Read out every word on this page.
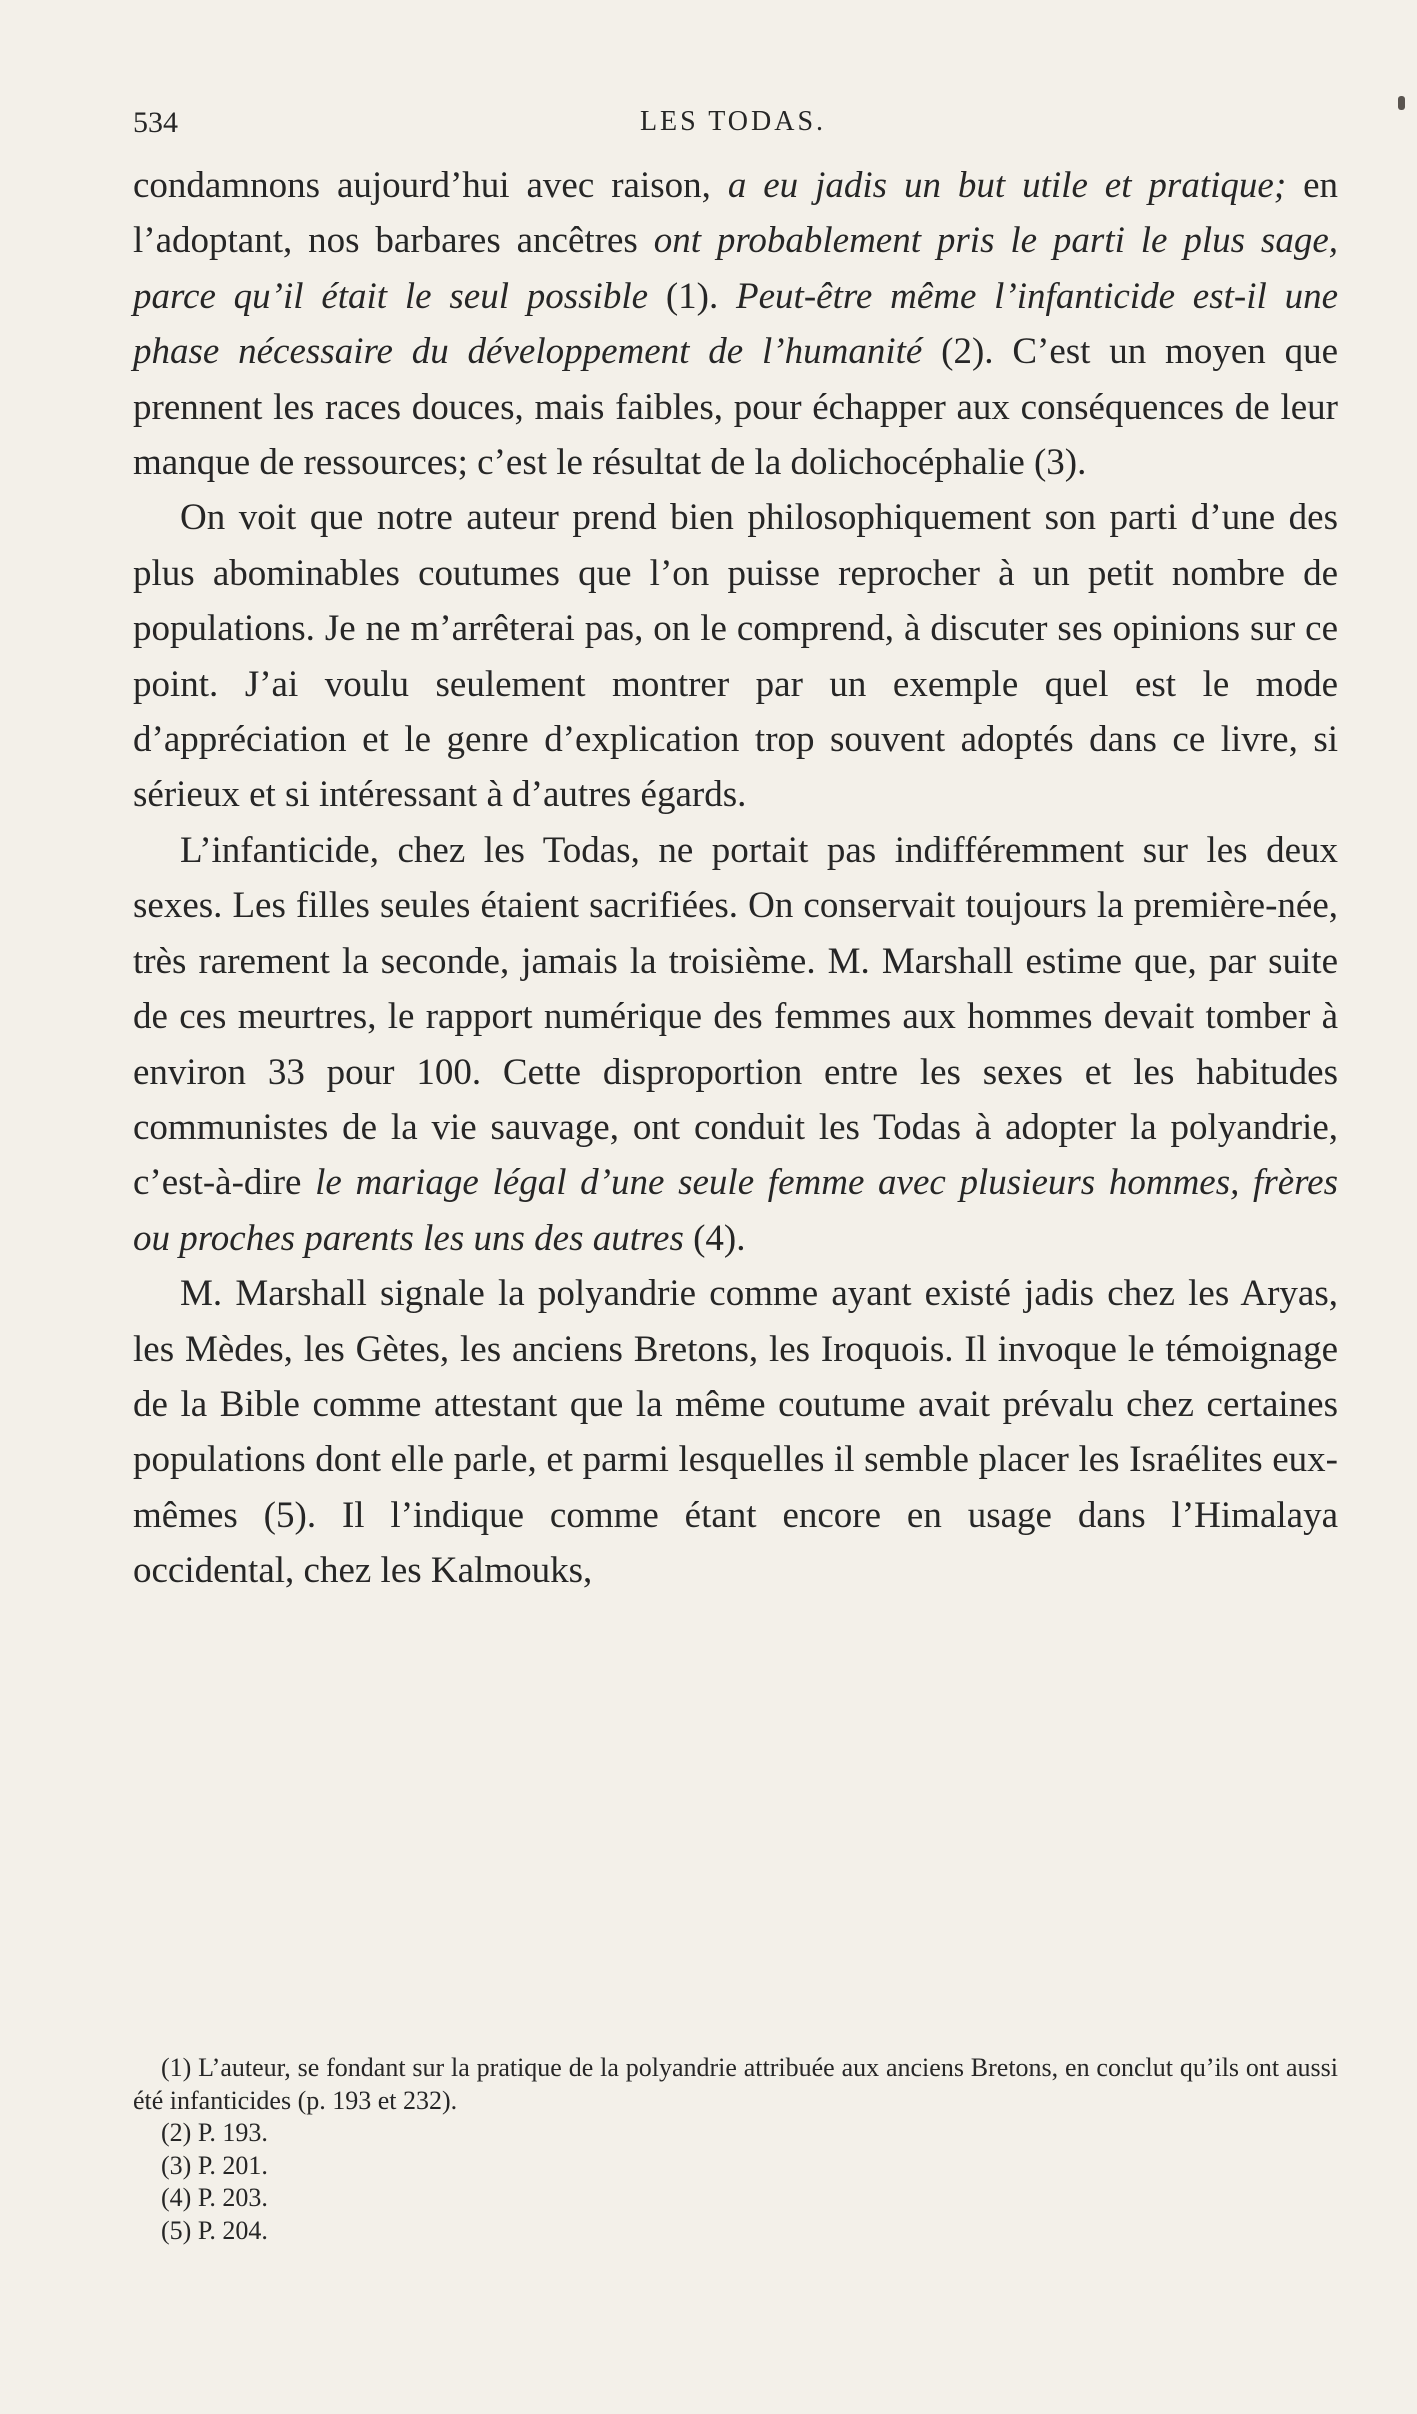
534	LES TODAS.

condamnons aujourd’hui avec raison, a eu jadis un but utile et pratique; en l’adoptant, nos barbares ancêtres ont probablement pris le parti le plus sage, parce qu’il était le seul possible (1). Peut-être même l’infanticide est-il une phase nécessaire du développement de l’humanité (2). C’est un moyen que prennent les races douces, mais faibles, pour échapper aux conséquences de leur manque de ressources; c’est le résultat de la dolichocéphalie (3).

On voit que notre auteur prend bien philosophiquement son parti d’une des plus abominables coutumes que l’on puisse reprocher à un petit nombre de populations. Je ne m’arrêterai pas, on le comprend, à discuter ses opinions sur ce point. J’ai voulu seulement montrer par un exemple quel est le mode d’appréciation et le genre d’explication trop souvent adoptés dans ce livre, si sérieux et si intéressant à d’autres égards.

L’infanticide, chez les Todas, ne portait pas indifféremment sur les deux sexes. Les filles seules étaient sacrifiées. On conservait toujours la première-née, très rarement la seconde, jamais la troisième. M. Marshall estime que, par suite de ces meurtres, le rapport numérique des femmes aux hommes devait tomber à environ 33 pour 100. Cette disproportion entre les sexes et les habitudes communistes de la vie sauvage, ont conduit les Todas à adopter la polyandrie, c’est-à-dire le mariage légal d’une seule femme avec plusieurs hommes, frères ou proches parents les uns des autres (4).

M. Marshall signale la polyandrie comme ayant existé jadis chez les Aryas, les Mèdes, les Gètes, les anciens Bretons, les Iroquois. Il invoque le témoignage de la Bible comme attestant que la même coutume avait prévalu chez certaines populations dont elle parle, et parmi lesquelles il semble placer les Israélites eux-mêmes (5). Il l’indique comme étant encore en usage dans l’Himalaya occidental, chez les Kalmouks,

(1) L’auteur, se fondant sur la pratique de la polyandrie attribuée aux anciens Bretons, en conclut qu’ils ont aussi été infanticides (p. 193 et 232).

(2) P. 193.

(3) P. 201.

(4) P. 203.

(5) P. 204.
